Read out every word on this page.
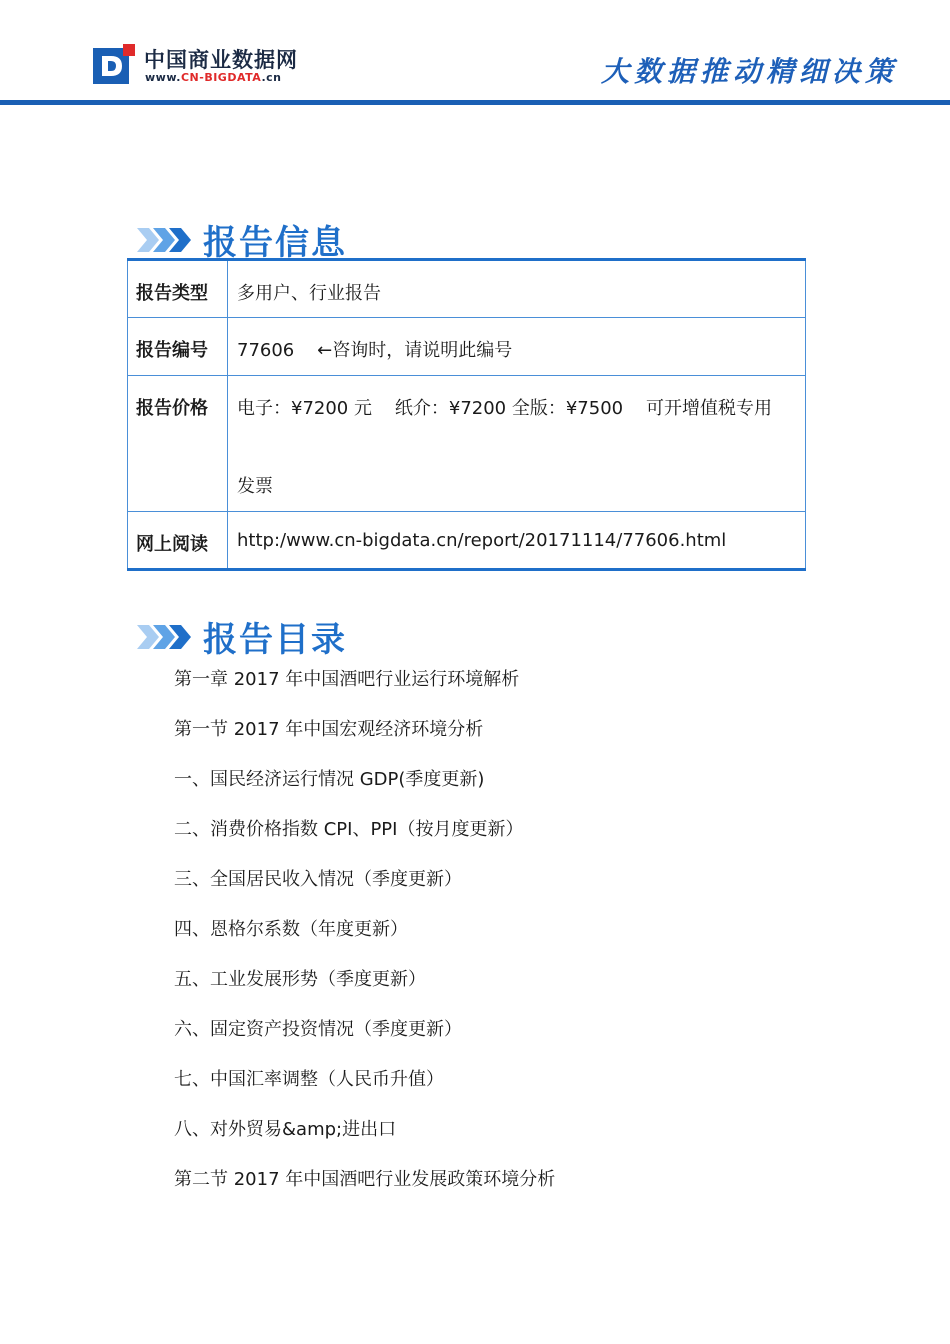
中国商业数据网
www.CN-BIGDATA.cn	大数据推动精细决策
报告信息
报告类型	多用户、行业报告
报告编号	77606    ←咨询时，请说明此编号
报告价格	电子：¥7200 元    纸介：¥7200 全版：¥7500    可开增值税专用
发票

网上阅读	http:/www.cn-bigdata.cn/report/20171114/77606.html
报告目录
第一章 2017 年中国酒吧行业运行环境解析
第一节 2017 年中国宏观经济环境分析
一、国民经济运行情况 GDP(季度更新)
二、消费价格指数 CPI、PPI（按月度更新）
三、全国居民收入情况（季度更新）
四、恩格尔系数（年度更新）
五、工业发展形势（季度更新）
六、固定资产投资情况（季度更新）
七、中国汇率调整（人民币升值）
八、对外贸易&amp;进出口
第二节 2017 年中国酒吧行业发展政策环境分析
